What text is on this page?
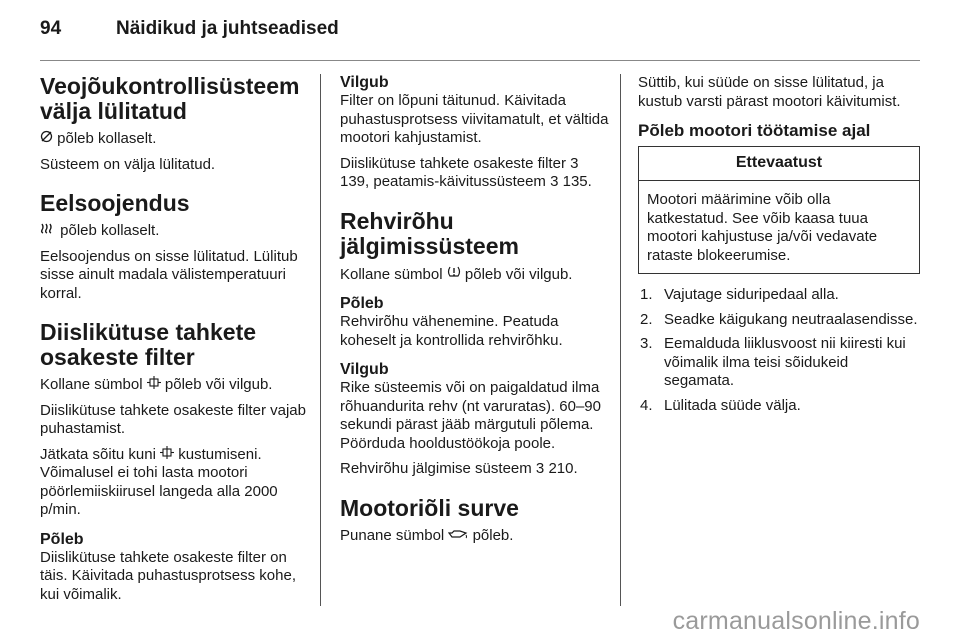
94	Näidikud ja juhtseadised
Veojõukontrollisüsteem
välja lülitatud

põleb kollaselt.

Süsteem on välja lülitatud.

Eelsoojendus

põleb kollaselt.

Eelsoojendus on sisse lülitatud. Lülitub sisse ainult madala välistemperatuuri korral.

Diislikütuse tahkete
osakeste filter

Kollane sümbol  põleb või vilgub.

Diislikütuse tahkete osakeste filter vajab puhastamist.

Jätkata sõitu kuni  kustumiseni. Võimalusel ei tohi lasta mootori pöörlemiiskiirusel langeda alla 2000 p/min.

Põleb

Diislikütuse tahkete osakeste filter on täis. Käivitada puhastusprotsess kohe, kui võimalik.

Vilgub

Filter on lõpuni täitunud. Käivitada puhastusprotsess viivitamatult, et vältida mootori kahjustamist.

Diislikütuse tahkete osakeste filter 3 139, peatamis-käivitussüsteem 3 135.

Rehvirõhu
jälgimissüsteem

Kollane sümbol  põleb või vilgub.

Põleb

Rehvirõhu vähenemine. Peatuda koheselt ja kontrollida rehvirõhku.

Vilgub

Rike süsteemis või on paigaldatud ilma rõhuandurita rehv (nt varuratas). 60–90 sekundi pärast jääb märgutuli põlema. Pöörduda hooldustöökoja poole.

Rehvirõhu jälgimise süsteem 3 210.

Mootoriõli surve

Punane sümbol  põleb.

Süttib, kui süüde on sisse lülitatud, ja kustub varsti pärast mootori käivitumist.

Põleb mootori töötamise ajal
Ettevaatust
Mootori määrimine võib olla katkestatud. See võib kaasa tuua mootori kahjustuse ja/või vedavate rataste blokeerumise.
1. Vajutage siduripedaal alla.
2. Seadke käigukang neutraalasendisse.
3. Eemalduda liiklusvoost nii kiiresti kui võimalik ilma teisi sõidukeid segamata.
4. Lülitada süüde välja.
carmanualsonline.info
